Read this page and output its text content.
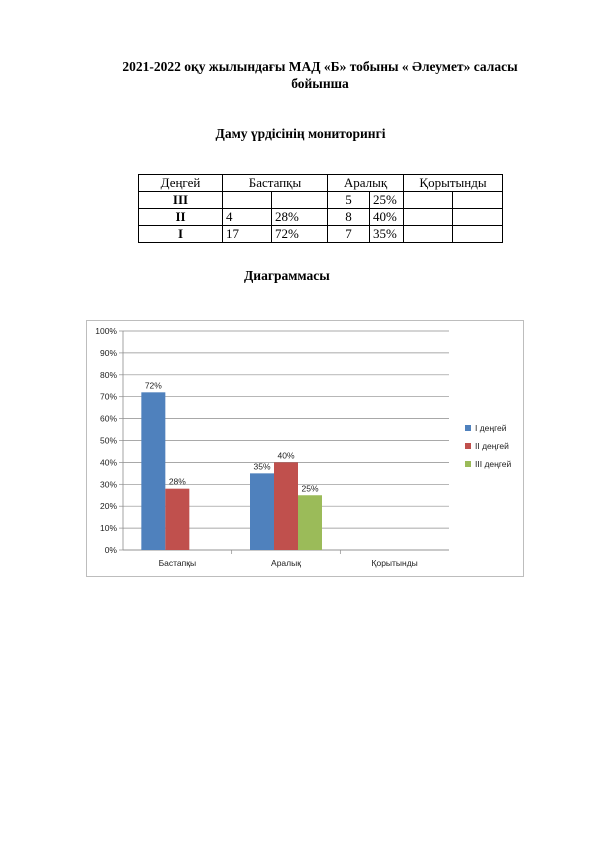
2021-2022 оқу жылындағы МАД «Б» тобыны « Әлеумет» саласы
бойынша
Даму үрдісінің мониторингі
Деңгей	Бастапқы		Аралық		Қорытынды	
III			5	25%		
II	4	28%	8	40%		
I	17	72%	7	35%		
Диаграммасы
0%
10%
20%
30%
40%
50%
60%
70%
80%
90%
100%
Бастапқы
72%
28%
Аралық
35%
40%
25%
Қорытынды
I деңгей
II деңгей
III деңгей
